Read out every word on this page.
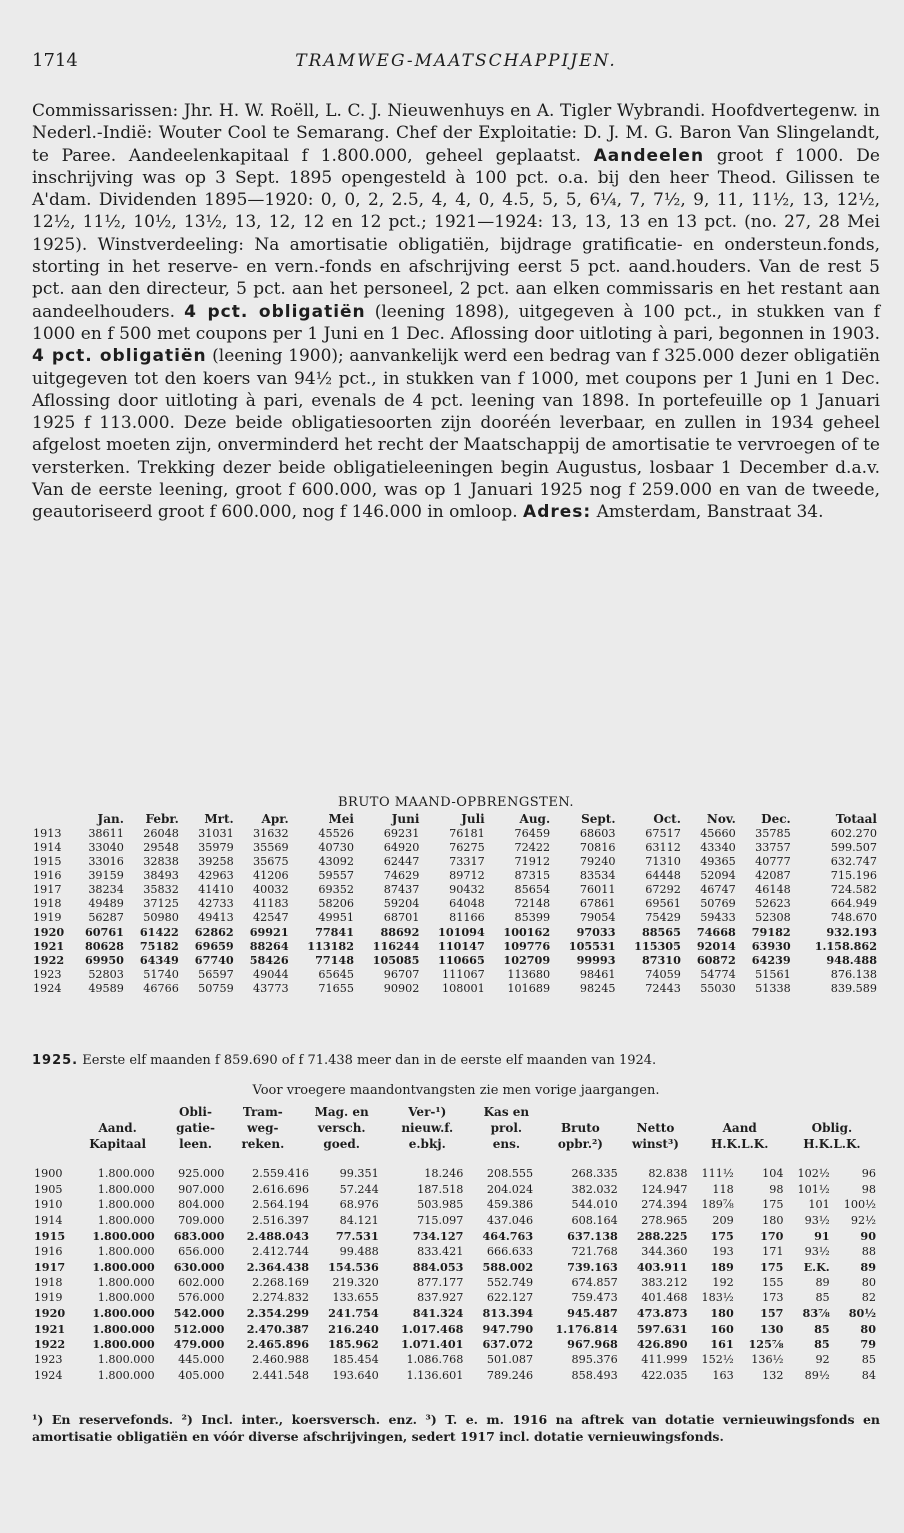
1714	TRAMWEG-MAATSCHAPPIJEN.

Commissarissen: Jhr. H. W. Roëll, L. C. J. Nieuwenhuys en A. Tigler Wybrandi. Hoofdvertegenw. in Nederl.-Indië: Wouter Cool te Semarang. Chef der Exploitatie: D. J. M. G. Baron Van Slingelandt, te Paree. Aandeelenkapitaal f 1.800.000, geheel geplaatst. Aandeelen groot f 1000. De inschrijving was op 3 Sept. 1895 opengesteld à 100 pct. o.a. bij den heer Theod. Gilissen te A'dam. Dividenden 1895—1920: 0, 0, 2, 2.5, 4, 4, 0, 4.5, 5, 5, 6¼, 7, 7½, 9, 11, 11½, 13, 12½, 12½, 11½, 10½, 13½, 13, 12, 12 en 12 pct.; 1921—1924: 13, 13, 13 en 13 pct. (no. 27, 28 Mei 1925). Winstverdeeling: Na amortisatie obligatiën, bijdrage gratificatie- en ondersteun.fonds, storting in het reserve- en vern.-fonds en afschrijving eerst 5 pct. aand.houders. Van de rest 5 pct. aan den directeur, 5 pct. aan het personeel, 2 pct. aan elken commissaris en het restant aan aandeelhouders. 4 pct. obligatiën (leening 1898), uitgegeven à 100 pct., in stukken van f 1000 en f 500 met coupons per 1 Juni en 1 Dec. Aflossing door uitloting à pari, begonnen in 1903. 4 pct. obligatiën (leening 1900); aanvankelijk werd een bedrag van f 325.000 dezer obligatiën uitgegeven tot den koers van 94½ pct., in stukken van f 1000, met coupons per 1 Juni en 1 Dec. Aflossing door uitloting à pari, evenals de 4 pct. leening van 1898. In portefeuille op 1 Januari 1925 f 113.000. Deze beide obligatiesoorten zijn dooréén leverbaar, en zullen in 1934 geheel afgelost moeten zijn, onverminderd het recht der Maatschappij de amortisatie te vervroegen of te versterken. Trekking dezer beide obligatieleeningen begin Augustus, losbaar 1 December d.a.v. Van de eerste leening, groot f 600.000, was op 1 Januari 1925 nog f 259.000 en van de tweede, geautoriseerd groot f 600.000, nog f 146.000 in omloop. Adres: Amsterdam, Banstraat 34.

BRUTO MAAND-OPBRENGSTEN.
	Jan.	Febr.	Mrt.	Apr.	Mei	Juni	Juli	Aug.	Sept.	Oct.	Nov.	Dec.	Totaal
1913	38611	26048	31031	31632	45526	69231	76181	76459	68603	67517	45660	35785	602.270
1914	33040	29548	35979	35569	40730	64920	76275	72422	70816	63112	43340	33757	599.507
1915	33016	32838	39258	35675	43092	62447	73317	71912	79240	71310	49365	40777	632.747
1916	39159	38493	42963	41206	59557	74629	89712	87315	83534	64448	52094	42087	715.196
1917	38234	35832	41410	40032	69352	87437	90432	85654	76011	67292	46747	46148	724.582
1918	49489	37125	42733	41183	58206	59204	64048	72148	67861	69561	50769	52623	664.949
1919	56287	50980	49413	42547	49951	68701	81166	85399	79054	75429	59433	52308	748.670
1920	60761	61422	62862	69921	77841	88692	101094	100162	97033	88565	74668	79182	932.193
1921	80628	75182	69659	88264	113182	116244	110147	109776	105531	115305	92014	63930	1.158.862
1922	69950	64349	67740	58426	77148	105085	110665	102709	99993	87310	60872	64239	948.488
1923	52803	51740	56597	49044	65645	96707	111067	113680	98461	74059	54774	51561	876.138
1924	49589	46766	50759	43773	71655	90902	108001	101689	98245	72443	55030	51338	839.589
1925. Eerste elf maanden f 859.690 of f 71.438 meer dan in de eerste elf maanden van 1924.
Voor vroegere maandontvangsten zie men vorige jaargangen.
		Obli-	Tram-	Mag. en	Ver-¹)	Kas en				
	Aand.	gatie-	weg-	versch.	nieuw.f.	prol.	Bruto	Netto	Aand	Oblig.
	Kapitaal	leen.	reken.	goed.	e.bkj.	ens.	opbr.²)	winst³)	H.K.L.K.	H.K.L.K.
1900	1.800.000	925.000	2.559.416	99.351	18.246	208.555	268.335	82.838	111½	104	102½	96
1905	1.800.000	907.000	2.616.696	57.244	187.518	204.024	382.032	124.947	118	98	101½	98
1910	1.800.000	804.000	2.564.194	68.976	503.985	459.386	544.010	274.394	189⅞	175	101	100½
1914	1.800.000	709.000	2.516.397	84.121	715.097	437.046	608.164	278.965	209	180	93½	92½
1915	1.800.000	683.000	2.488.043	77.531	734.127	464.763	637.138	288.225	175	170	91	90
1916	1.800.000	656.000	2.412.744	99.488	833.421	666.633	721.768	344.360	193	171	93½	88
1917	1.800.000	630.000	2.364.438	154.536	884.053	588.002	739.163	403.911	189	175	E.K.	89
1918	1.800.000	602.000	2.268.169	219.320	877.177	552.749	674.857	383.212	192	155	89	80
1919	1.800.000	576.000	2.274.832	133.655	837.927	622.127	759.473	401.468	183½	173	85	82
1920	1.800.000	542.000	2.354.299	241.754	841.324	813.394	945.487	473.873	180	157	83⅞	80½
1921	1.800.000	512.000	2.470.387	216.240	1.017.468	947.790	1.176.814	597.631	160	130	85	80
1922	1.800.000	479.000	2.465.896	185.962	1.071.401	637.072	967.968	426.890	161	125⅞	85	79
1923	1.800.000	445.000	2.460.988	185.454	1.086.768	501.087	895.376	411.999	152½	136½	92	85
1924	1.800.000	405.000	2.441.548	193.640	1.136.601	789.246	858.493	422.035	163	132	89½	84
¹) En reservefonds. ²) Incl. inter., koersversch. enz. ³) T. e. m. 1916 na aftrek van dotatie vernieuwingsfonds en amortisatie obligatiën en vóór diverse afschrijvingen, sedert 1917 incl. dotatie vernieuwingsfonds.
